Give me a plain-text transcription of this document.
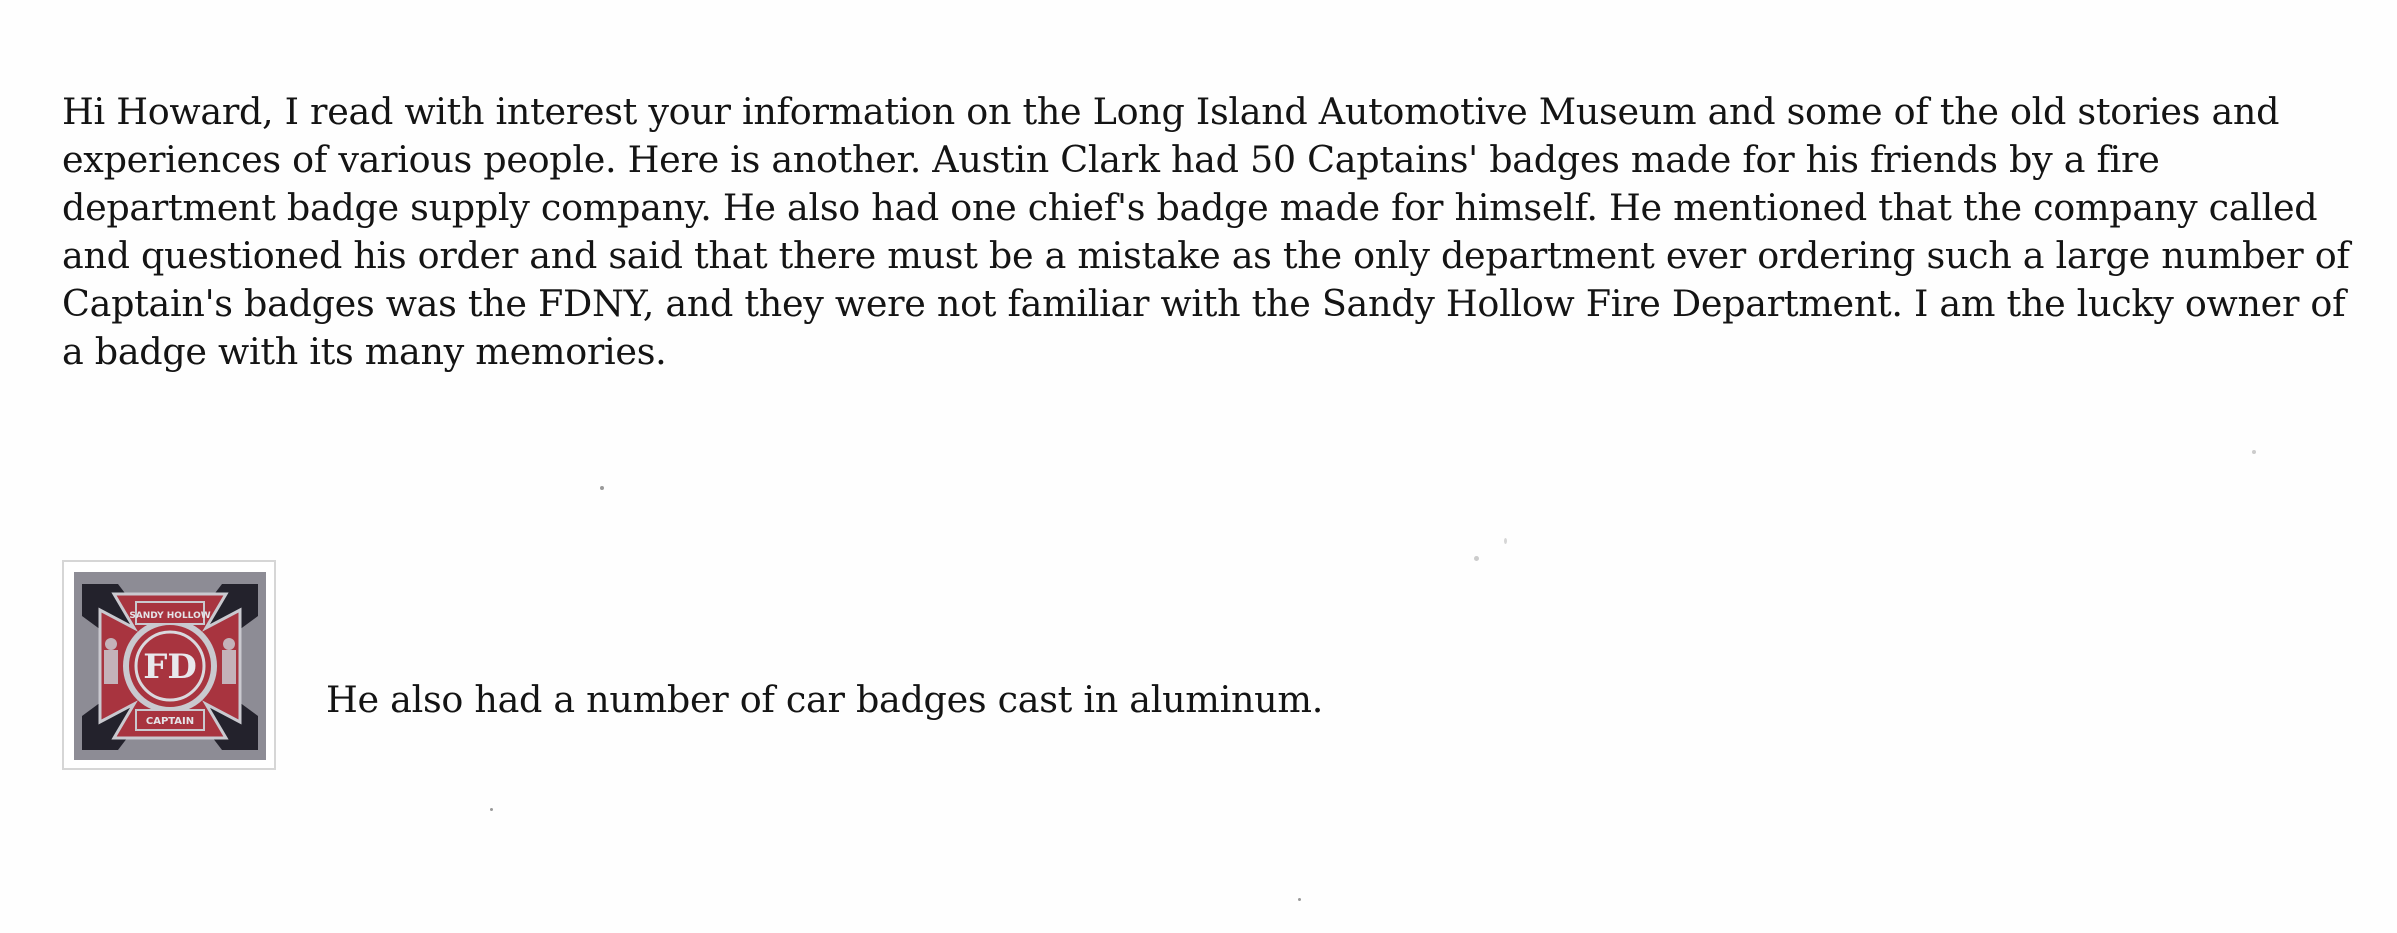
Hi Howard, I read with interest your information on the Long Island Automotive Museum and some of the old stories and experiences of various people. Here is another. Austin Clark had 50 Captains' badges made for his friends by a fire department badge supply company. He also had one chief's badge made for himself. He mentioned that the company called and questioned his order and said that there must be a mistake as the only department ever ordering such a large number of Captain's badges was the FDNY, and they were not familiar with the Sandy Hollow Fire Department. I am the lucky owner of a badge with its many memories.

SANDY HOLLOW
CAPTAIN
FD

He also had a number of car badges cast in aluminum.
